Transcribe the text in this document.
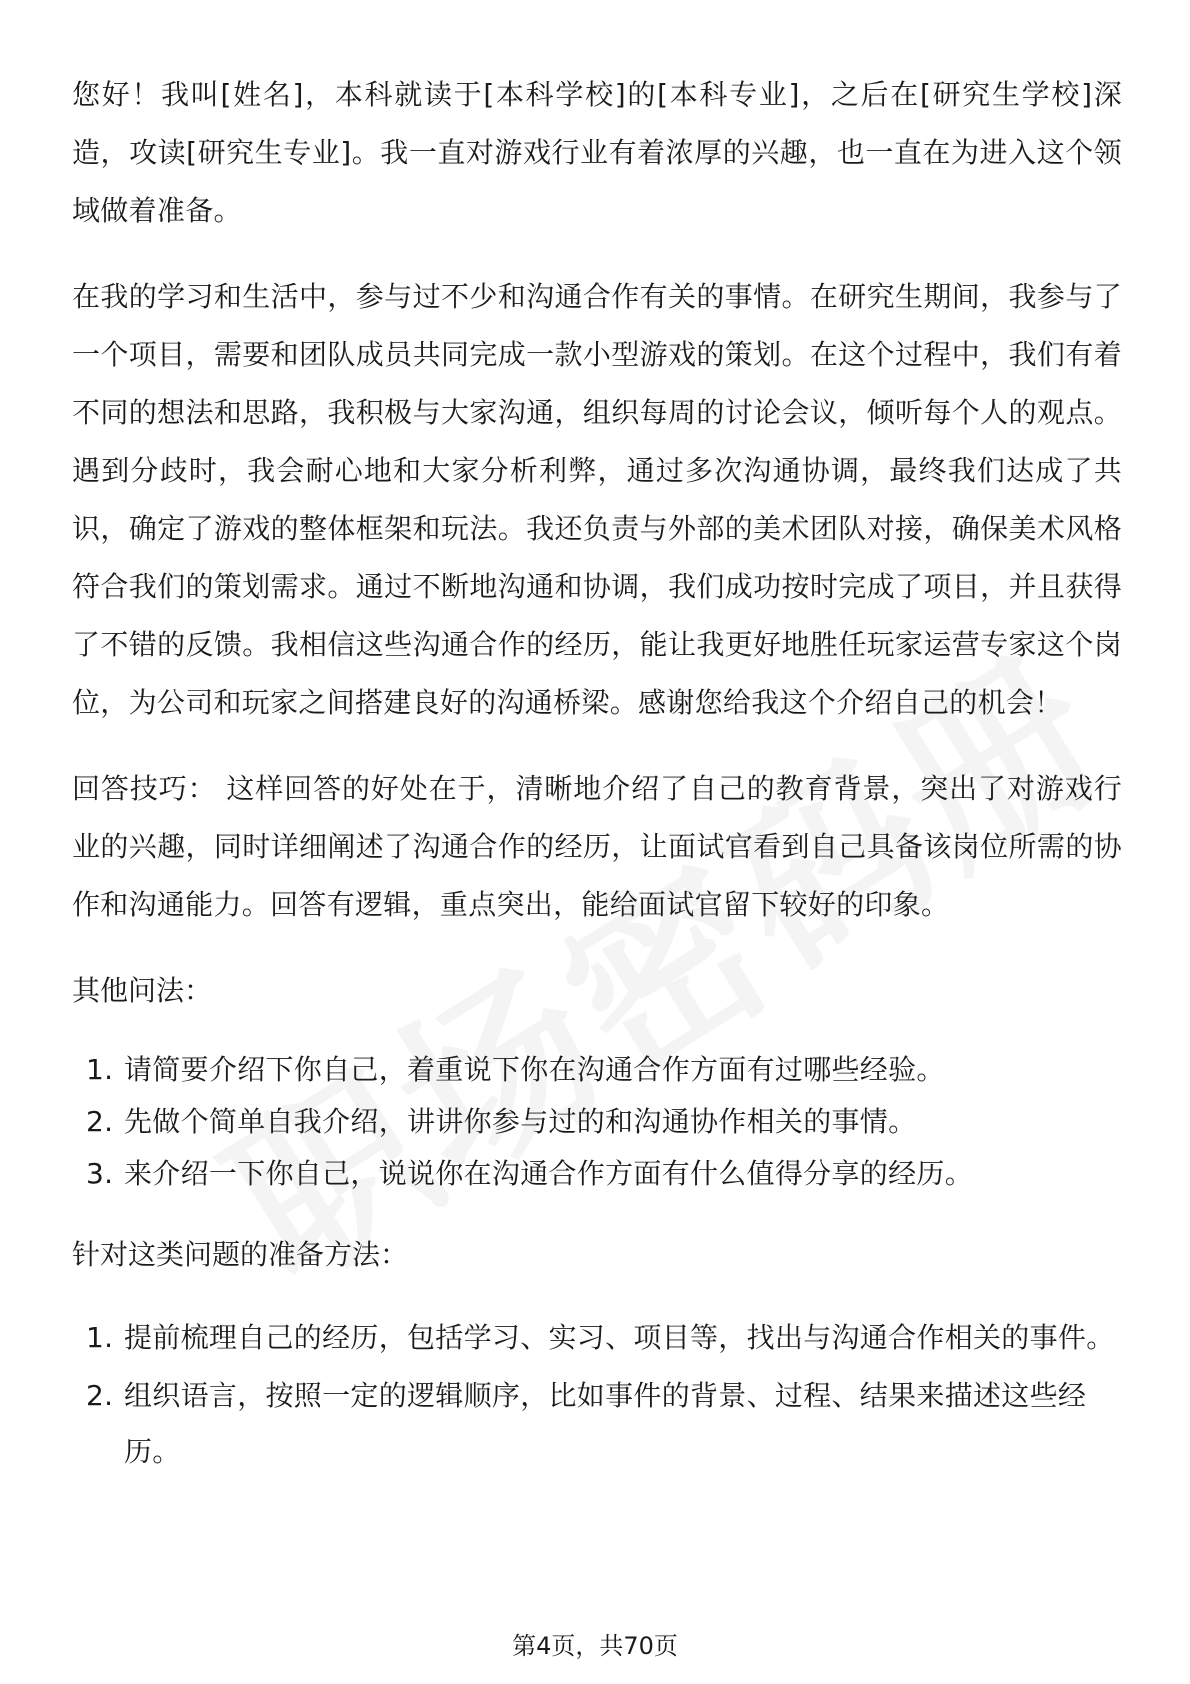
您好！我叫[姓名]，本科就读于[本科学校]的[本科专业]，之后在[研究生学校]深造，攻读[研究生专业]。我一直对游戏行业有着浓厚的兴趣，也一直在为进入这个领域做着准备。

在我的学习和生活中，参与过不少和沟通合作有关的事情。在研究生期间，我参与了一个项目，需要和团队成员共同完成一款小型游戏的策划。在这个过程中，我们有着不同的想法和思路，我积极与大家沟通，组织每周的讨论会议，倾听每个人的观点。遇到分歧时，我会耐心地和大家分析利弊，通过多次沟通协调，最终我们达成了共识，确定了游戏的整体框架和玩法。我还负责与外部的美术团队对接，确保美术风格符合我们的策划需求。通过不断地沟通和协调，我们成功按时完成了项目，并且获得了不错的反馈。我相信这些沟通合作的经历，能让我更好地胜任玩家运营专家这个岗位，为公司和玩家之间搭建良好的沟通桥梁。感谢您给我这个介绍自己的机会！

回答技巧： 这样回答的好处在于，清晰地介绍了自己的教育背景，突出了对游戏行业的兴趣，同时详细阐述了沟通合作的经历，让面试官看到自己具备该岗位所需的协作和沟通能力。回答有逻辑，重点突出，能给面试官留下较好的印象。

其他问法：
1. 请简要介绍下你自己，着重说下你在沟通合作方面有过哪些经验。
2. 先做个简单自我介绍，讲讲你参与过的和沟通协作相关的事情。
3. 来介绍一下你自己，说说你在沟通合作方面有什么值得分享的经历。
针对这类问题的准备方法：
1. 提前梳理自己的经历，包括学习、实习、项目等，找出与沟通合作相关的事件。
2. 组织语言，按照一定的逻辑顺序，比如事件的背景、过程、结果来描述这些经历。
第4页，共70页
